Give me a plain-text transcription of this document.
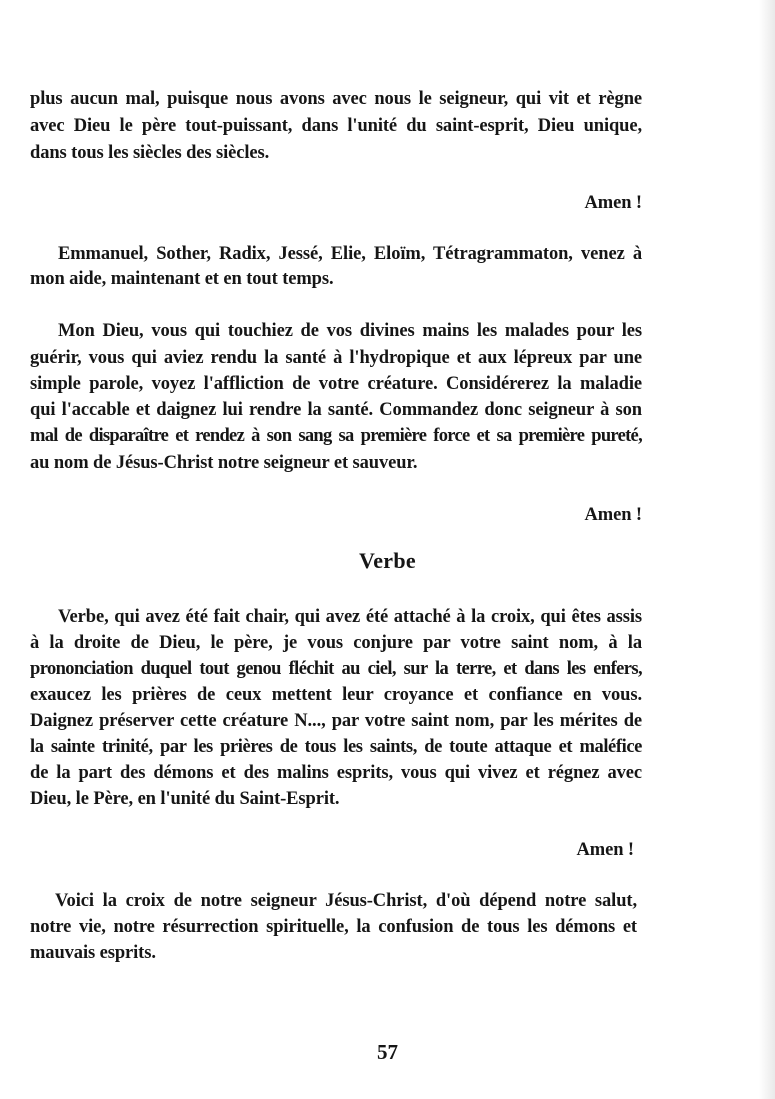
plus aucun mal, puisque nous avons avec nous le seigneur, qui vit et règne
avec Dieu le père tout-puissant, dans l'unité du saint-esprit, Dieu unique,
dans tous les siècles des siècles.
Amen !
Emmanuel, Sother, Radix, Jessé, Elie, Eloïm, Tétragrammaton, venez à
mon aide, maintenant et en tout temps.
Mon Dieu, vous qui touchiez de vos divines mains les malades pour les
guérir, vous qui aviez rendu la santé à l'hydropique et aux lépreux par une
simple parole, voyez l'affliction de votre créature. Considérerez la maladie
qui l'accable et daignez lui rendre la santé. Commandez donc seigneur à son
mal de disparaître et rendez à son sang sa première force et sa première pureté,
au nom de Jésus-Christ notre seigneur et sauveur.
Amen !
Verbe
Verbe, qui avez été fait chair, qui avez été attaché à la croix, qui êtes assis
à la droite de Dieu, le père, je vous conjure par votre saint nom, à la
prononciation duquel tout genou fléchit au ciel, sur la terre, et dans les enfers,
exaucez les prières de ceux mettent leur croyance et confiance en vous.
Daignez préserver cette créature N..., par votre saint nom, par les mérites de
la sainte trinité, par les prières de tous les saints, de toute attaque et maléfice
de la part des démons et des malins esprits, vous qui vivez et régnez avec
Dieu, le Père, en l'unité du Saint-Esprit.
Amen !
Voici la croix de notre seigneur Jésus-Christ, d'où dépend notre salut,
notre vie, notre résurrection spirituelle, la confusion de tous les démons et
mauvais esprits.
57
